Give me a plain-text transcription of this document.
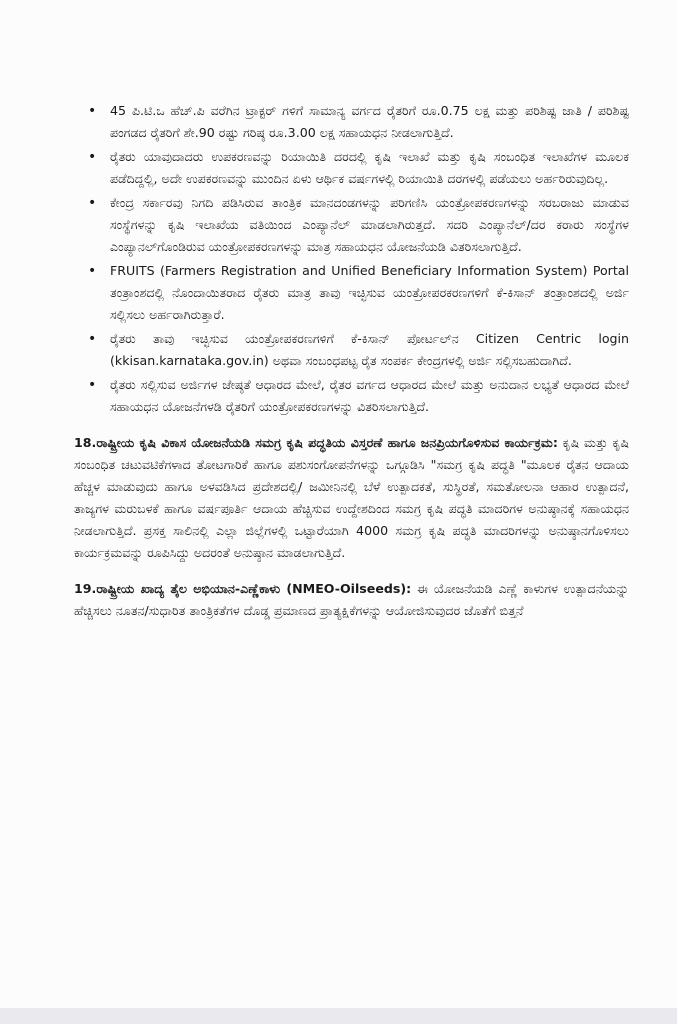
• 45 ಪಿ.ಟಿ.ಒ ಹೆಚ್.ಪಿ ವರೆಗಿನ ಟ್ರಾಕ್ಟರ್ ಗಳಿಗೆ ಸಾಮಾನ್ಯ ವರ್ಗದ ರೈತರಿಗೆ ರೂ.0.75 ಲಕ್ಷ ಮತ್ತು ಪರಿಶಿಷ್ಟ ಜಾತಿ / ಪರಿಶಿಷ್ಟ ಪಂಗಡದ ರೈತರಿಗೆ ಶೇ.90 ರಷ್ಟು ಗರಿಷ್ಠ ರೂ.3.00 ಲಕ್ಷ ಸಹಾಯಧನ ನೀಡಲಾಗುತ್ತಿದೆ.
• ರೈತರು ಯಾವುದಾದರು ಉಪಕರಣವನ್ನು ರಿಯಾಯಿತಿ ದರದಲ್ಲಿ ಕೃಷಿ ಇಲಾಖೆ ಮತ್ತು ಕೃಷಿ ಸಂಬಂಧಿತ ಇಲಾಖೆಗಳ ಮೂಲಕ ಪಡೆದಿದ್ದಲ್ಲಿ, ಅದೇ ಉಪಕರಣವನ್ನು ಮುಂದಿನ ಏಳು ಆರ್ಥಿಕ ವರ್ಷಗಳಲ್ಲಿ ರಿಯಾಯಿತಿ ದರಗಳಲ್ಲಿ ಪಡೆಯಲು ಅರ್ಹರಿರುವುದಿಲ್ಲ.
• ಕೇಂದ್ರ ಸರ್ಕಾರವು ನಿಗದಿ ಪಡಿಸಿರುವ ತಾಂತ್ರಿಕ ಮಾನದಂಡಗಳನ್ನು ಪರಿಗಣಿಸಿ ಯಂತ್ರೋಪಕರಣಗಳನ್ನು ಸರಬರಾಜು ಮಾಡುವ ಸಂಸ್ಥೆಗಳನ್ನು ಕೃಷಿ ಇಲಾಖೆಯ ವತಿಯಿಂದ ಎಂಪ್ಯಾನೆಲ್ ಮಾಡಲಾಗಿರುತ್ತದೆ. ಸದರಿ ಎಂಪ್ಯಾನೆಲ್/ದರ ಕರಾರು ಸಂಸ್ಥೆಗಳ ಎಂಪ್ಯಾನಲ್‌ಗೊಂಡಿರುವ ಯಂತ್ರೋಪಕರಣಗಳನ್ನು ಮಾತ್ರ ಸಹಾಯಧನ ಯೋಜನೆಯಡಿ ವಿತರಿಸಲಾಗುತ್ತಿದೆ.
• FRUITS (Farmers Registration and Unified Beneficiary Information System) Portal ತಂತ್ರಾಂಶದಲ್ಲಿ ನೊಂದಾಯಿತರಾದ ರೈತರು ಮಾತ್ರ ತಾವು ಇಚ್ಛಿಸುವ ಯಂತ್ರೋಪರಕರಣಗಳಿಗೆ ಕೆ-ಕಿಸಾನ್ ತಂತ್ರಾಂಶದಲ್ಲಿ ಅರ್ಜಿ ಸಲ್ಲಿಸಲು ಅರ್ಹರಾಗಿರುತ್ತಾರೆ.
• ರೈತರು ತಾವು ಇಚ್ಛಿಸುವ ಯಂತ್ರೋಪಕರಣಗಳಿಗೆ ಕೆ-ಕಿಸಾನ್ ಪೋರ್ಟಲ್‌ನ Citizen Centric login (kkisan.karnataka.gov.in) ಅಥವಾ ಸಂಬಂಧಪಟ್ಟ ರೈತ ಸಂಪರ್ಕ ಕೇಂದ್ರಗಳಲ್ಲಿ ಅರ್ಜಿ ಸಲ್ಲಿಸಬಹುದಾಗಿದೆ.
• ರೈತರು ಸಲ್ಲಿಸುವ ಅರ್ಜಿಗಳ ಜೇಷ್ಠತೆ ಆಧಾರದ ಮೇಲೆ, ರೈತರ ವರ್ಗದ ಆಧಾರದ ಮೇಲೆ ಮತ್ತು ಅನುದಾನ ಲಭ್ಯತೆ ಆಧಾರದ ಮೇಲೆ ಸಹಾಯಧನ ಯೋಜನೆಗಳಡಿ ರೈತರಿಗೆ ಯಂತ್ರೋಪಕರಣಗಳನ್ನು ವಿತರಿಸಲಾಗುತ್ತಿದೆ.

18.ರಾಷ್ಟ್ರೀಯ ಕೃಷಿ ವಿಕಾಸ ಯೋಜನೆಯಡಿ ಸಮಗ್ರ ಕೃಷಿ ಪದ್ಧತಿಯ ವಿಸ್ತರಣೆ ಹಾಗೂ ಜನಪ್ರಿಯಗೊಳಿಸುವ ಕಾರ್ಯಕ್ರಮ: ಕೃಷಿ ಮತ್ತು ಕೃಷಿ ಸಂಬಂಧಿತ ಚಟುವಟಿಕೆಗಳಾದ ತೋಟಗಾರಿಕೆ ಹಾಗೂ ಪಶುಸಂಗೋಪನೆಗಳನ್ನು ಒಗ್ಗೂಡಿಸಿ "ಸಮಗ್ರ ಕೃಷಿ ಪದ್ಧತಿ "ಮೂಲಕ ರೈತನ ಆದಾಯ ಹೆಚ್ಚಳ ಮಾಡುವುದು ಹಾಗೂ ಅಳವಡಿಸಿದ ಪ್ರದೇಶದಲ್ಲಿ/ ಜಮೀನಿನಲ್ಲಿ ಬೆಳೆ ಉತ್ಪಾದಕತೆ, ಸುಸ್ಥಿರತೆ, ಸಮತೋಲನಾ ಆಹಾರ ಉತ್ಪಾದನೆ, ತಾಜ್ಯಗಳ ಮರುಬಳಕೆ ಹಾಗೂ ವರ್ಷಪೂರ್ತಿ ಆದಾಯ ಹೆಚ್ಚಿಸುವ ಉದ್ದೇಶದಿಂದ ಸಮಗ್ರ ಕೃಷಿ ಪದ್ಧತಿ ಮಾದರಿಗಳ ಅನುಷ್ಠಾನಕ್ಕೆ ಸಹಾಯಧನ ನೀಡಲಾಗುತ್ತಿದೆ. ಪ್ರಸಕ್ತ ಸಾಲಿನಲ್ಲಿ ಎಲ್ಲಾ ಜಿಲ್ಲೆಗಳಲ್ಲಿ ಒಟ್ಟಾರೆಯಾಗಿ 4000 ಸಮಗ್ರ ಕೃಷಿ ಪದ್ಧತಿ ಮಾದರಿಗಳನ್ನು ಅನುಷ್ಠಾನಗೊಳಿಸಲು ಕಾರ್ಯಕ್ರಮವನ್ನು ರೂಪಿಸಿದ್ದು ಅದರಂತೆ ಅನುಷ್ಠಾನ ಮಾಡಲಾಗುತ್ತಿದೆ.

19.ರಾಷ್ಟ್ರೀಯ ಖಾದ್ಯ ತೈಲ ಅಭಿಯಾನ-ಎಣ್ಣೆಕಾಳು (NMEO-Oilseeds): ಈ ಯೋಜನೆಯಡಿ ಎಣ್ಣೆ ಕಾಳುಗಳ ಉತ್ಪಾದನೆಯನ್ನು ಹೆಚ್ಚಿಸಲು ನೂತನ/ಸುಧಾರಿತ ತಾಂತ್ರಿಕತೆಗಳ ದೊಡ್ಡ ಪ್ರಮಾಣದ ಪ್ರಾತ್ಯಕ್ಷಿಕೆಗಳನ್ನು ಆಯೋಜಿಸುವುದರ ಜೊತೆಗೆ ಬಿತ್ತನೆ
